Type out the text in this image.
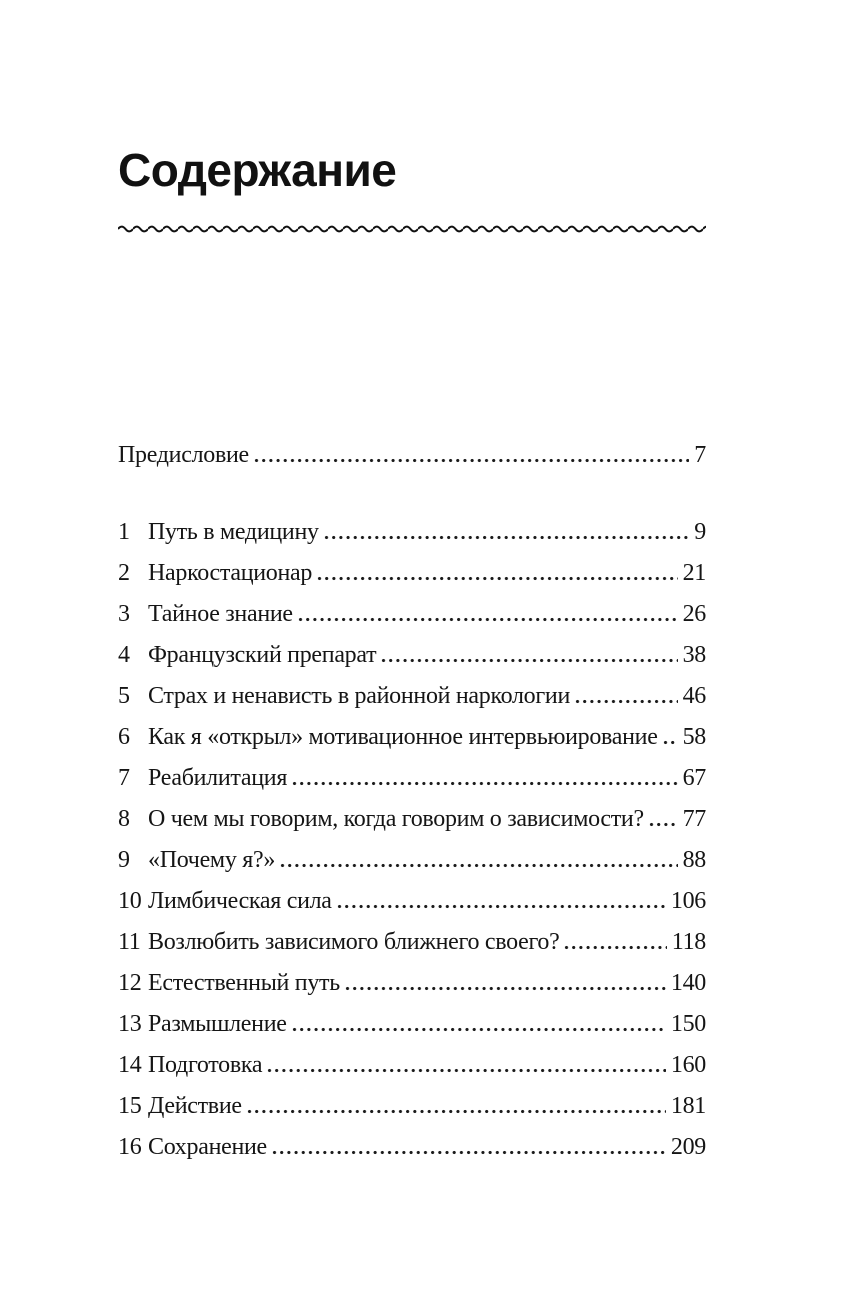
Содержание
Предисловие	7
1 Путь в медицину	9
2 Наркостационар	21
3 Тайное знание	26
4 Французский препарат	38
5 Страх и ненависть в районной наркологии	46
6 Как я «открыл» мотивационное интервьюирование 58
7 Реабилитация	67
8 О чем мы говорим, когда говорим о зависимости? 77
9 «Почему я?»	88
10 Лимбическая сила	106
11 Возлюбить зависимого ближнего своего?	118
12 Естественный путь	140
13 Размышление	150
14 Подготовка	160
15 Действие	181
16 Сохранение	209
